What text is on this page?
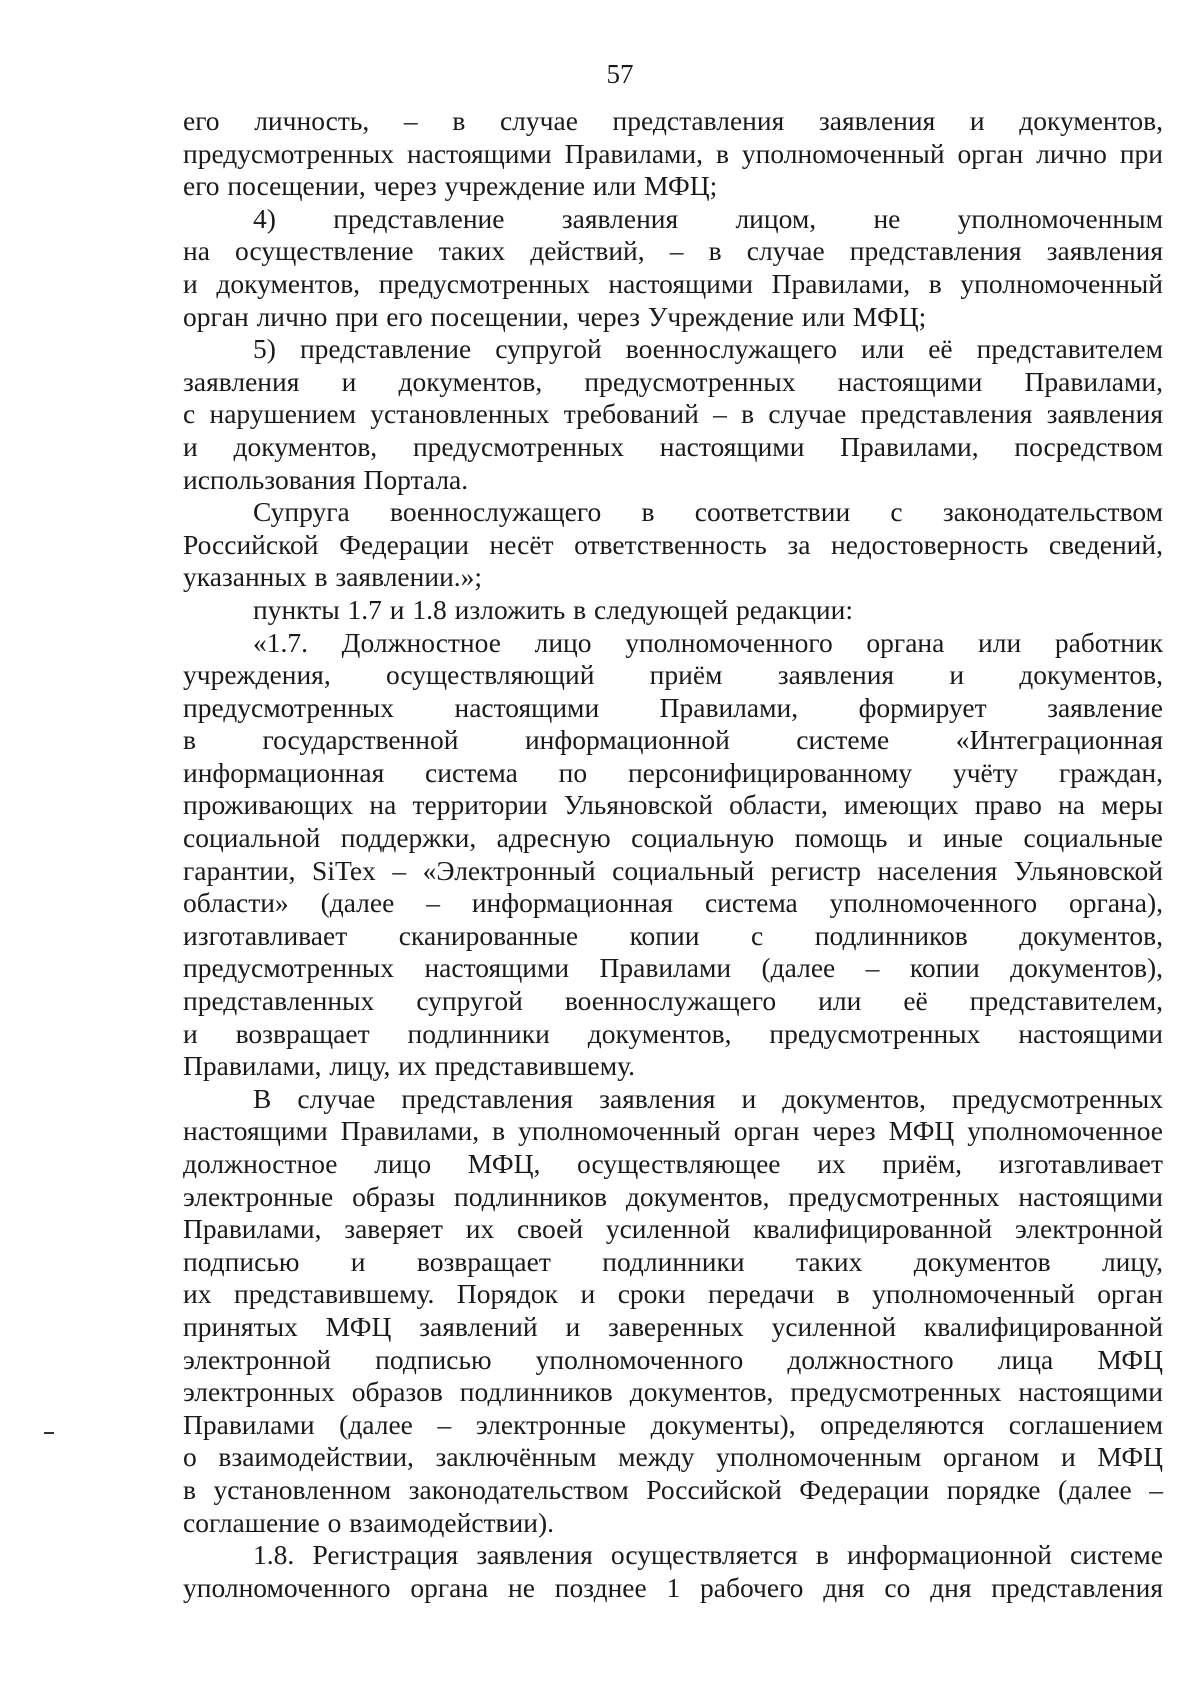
57
его личность, – в случае представления заявления и документов,
предусмотренных настоящими Правилами, в уполномоченный орган лично при
его посещении, через учреждение или МФЦ;
4) представление заявления лицом, не уполномоченным
на осуществление таких действий, – в случае представления заявления
и документов, предусмотренных настоящими Правилами, в уполномоченный
орган лично при его посещении, через Учреждение или МФЦ;
5) представление супругой военнослужащего или её представителем
заявления и документов, предусмотренных настоящими Правилами,
с нарушением установленных требований – в случае представления заявления
и документов, предусмотренных настоящими Правилами, посредством
использования Портала.
Супруга военнослужащего в соответствии с законодательством
Российской Федерации несёт ответственность за недостоверность сведений,
указанных в заявлении.»;
пункты 1.7 и 1.8 изложить в следующей редакции:
«1.7. Должностное лицо уполномоченного органа или работник
учреждения, осуществляющий приём заявления и документов,
предусмотренных настоящими Правилами, формирует заявление
в государственной информационной системе «Интеграционная
информационная система по персонифицированному учёту граждан,
проживающих на территории Ульяновской области, имеющих право на меры
социальной поддержки, адресную социальную помощь и иные социальные
гарантии, SiTex – «Электронный социальный регистр населения Ульяновской
области» (далее – информационная система уполномоченного органа),
изготавливает сканированные копии с подлинников документов,
предусмотренных настоящими Правилами (далее – копии документов),
представленных супругой военнослужащего или её представителем,
и возвращает подлинники документов, предусмотренных настоящими
Правилами, лицу, их представившему.
В случае представления заявления и документов, предусмотренных
настоящими Правилами, в уполномоченный орган через МФЦ уполномоченное
должностное лицо МФЦ, осуществляющее их приём, изготавливает
электронные образы подлинников документов, предусмотренных настоящими
Правилами, заверяет их своей усиленной квалифицированной электронной
подписью и возвращает подлинники таких документов лицу,
их представившему. Порядок и сроки передачи в уполномоченный орган
принятых МФЦ заявлений и заверенных усиленной квалифицированной
электронной подписью уполномоченного должностного лица МФЦ
электронных образов подлинников документов, предусмотренных настоящими
Правилами (далее – электронные документы), определяются соглашением
о взаимодействии, заключённым между уполномоченным органом и МФЦ
в установленном законодательством Российской Федерации порядке (далее –
соглашение о взаимодействии).
1.8. Регистрация заявления осуществляется в информационной системе
уполномоченного органа не позднее 1 рабочего дня со дня представления
